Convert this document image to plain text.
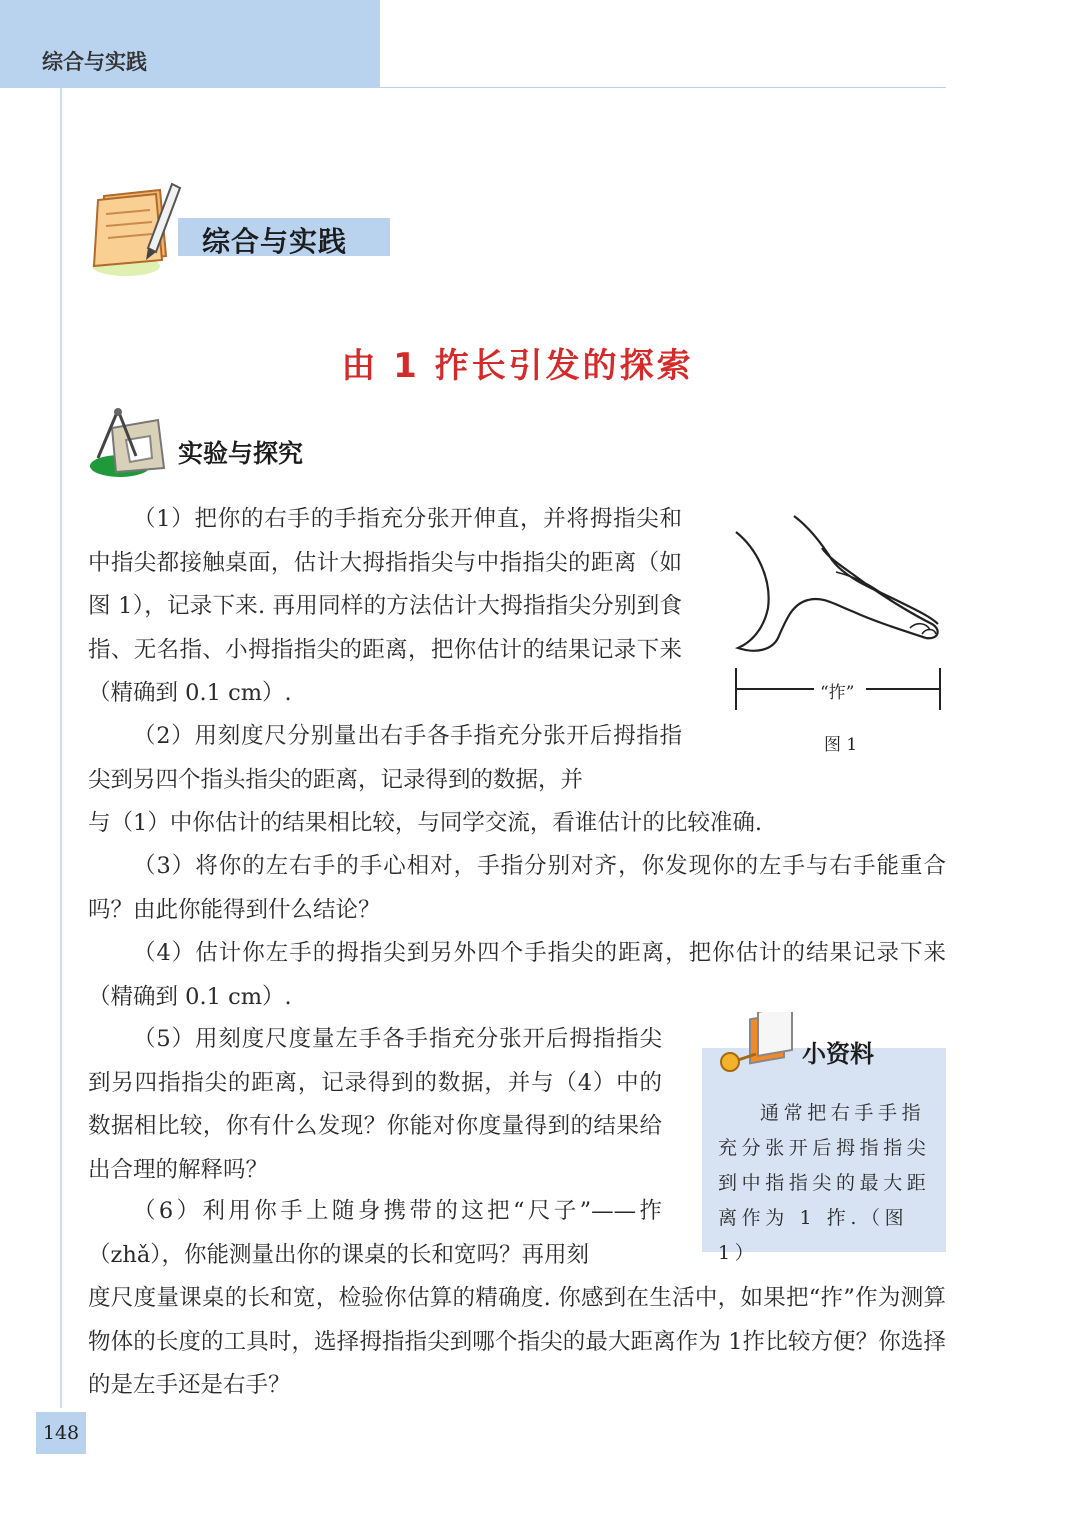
综合与实践
综合与实践
由 1 拃长引发的探索
实验与探究

（1）把你的右手的手指充分张开伸直，并将拇指尖和中指尖都接触桌面，估计大拇指指尖与中指指尖的距离（如图 1），记录下来. 再用同样的方法估计大拇指指尖分别到食指、无名指、小拇指指尖的距离，把你估计的结果记录下来（精确到 0.1 cm）.

（2）用刻度尺分别量出右手各手指充分张开后拇指指尖到另四个指头指尖的距离，记录得到的数据，并

与（1）中你估计的结果相比较，与同学交流，看谁估计的比较准确.

（3）将你的左右手的手心相对，手指分别对齐，你发现你的左手与右手能重合吗？由此你能得到什么结论？

（4）估计你左手的拇指尖到另外四个手指尖的距离，把你估计的结果记录下来（精确到 0.1 cm）.

（5）用刻度尺度量左手各手指充分张开后拇指指尖到另四指指尖的距离，记录得到的数据，并与（4）中的数据相比较，你有什么发现？你能对你度量得到的结果给出合理的解释吗？

（6）利用你手上随身携带的这把“尺子”——拃（zhǎ），你能测量出你的课桌的长和宽吗？再用刻

度尺度量课桌的长和宽，检验你估算的精确度. 你感到在生活中，如果把“拃”作为测算物体的长度的工具时，选择拇指指尖到哪个指尖的最大距离作为 1拃比较方便？你选择的是左手还是右手？

“拃”
图 1
小资料

通常把右手手指充分张开后拇指指尖到中指指尖的最大距离作为 1 拃.（图 1）

148
